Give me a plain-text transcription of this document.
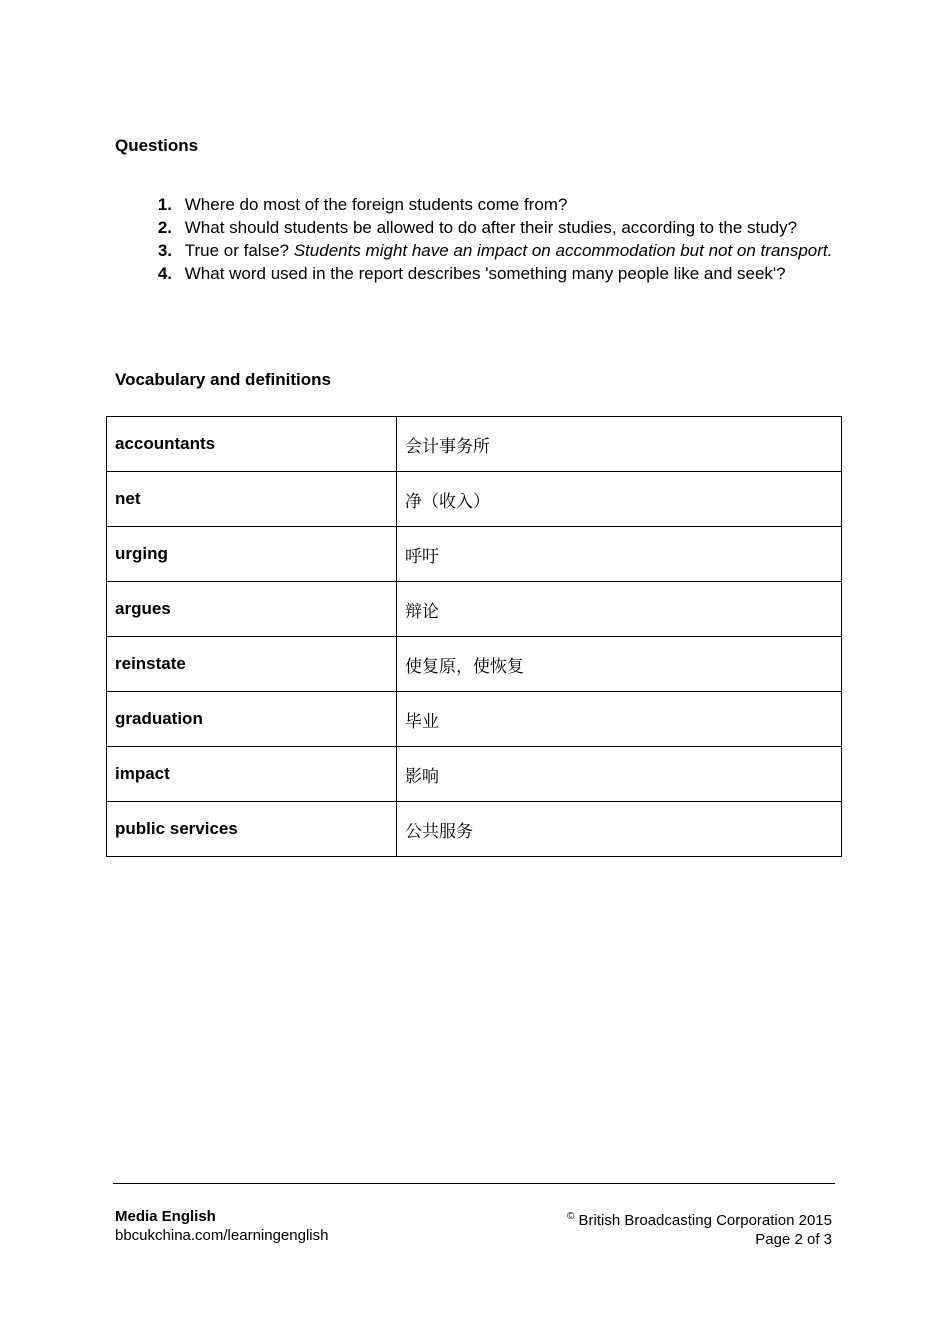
Questions
1. Where do most of the foreign students come from?
2. What should students be allowed to do after their studies, according to the study?
3. True or false? Students might have an impact on accommodation but not on transport.
4. What word used in the report describes 'something many people like and seek'?
Vocabulary and definitions
accountants	会计事务所
net	净（收入）
urging	呼吁
argues	辩论
reinstate	使复原，使恢复
graduation	毕业
impact	影响
public services	公共服务
Media English
bbcukchina.com/learningenglish
© British Broadcasting Corporation 2015
Page 2 of 3
